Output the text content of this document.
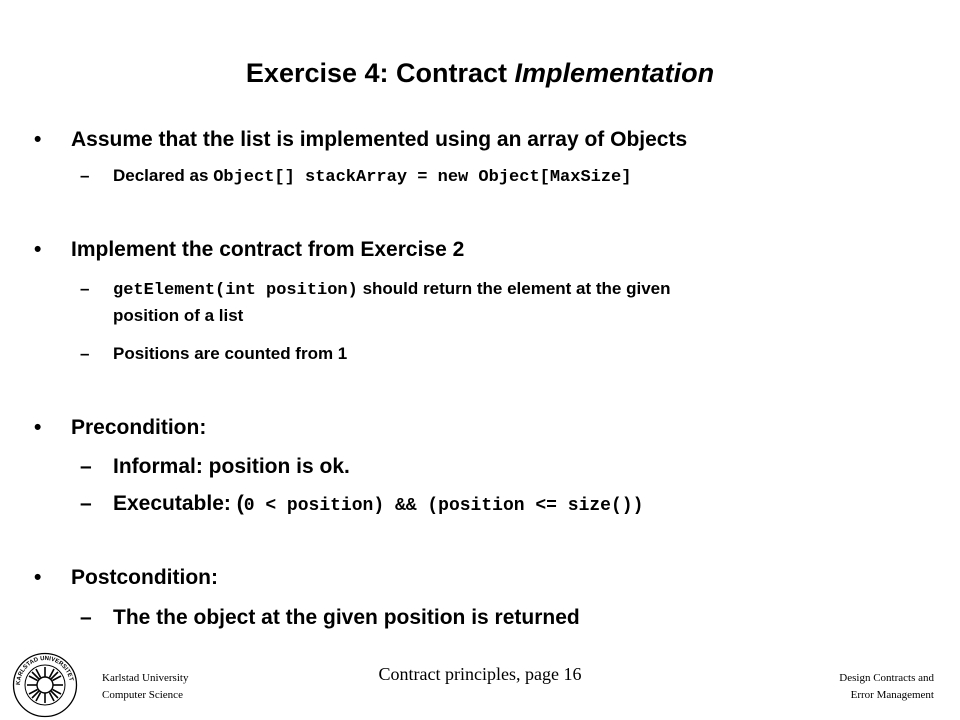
Exercise 4: Contract Implementation
• Assume that the list is implemented using an array of Objects
– Declared as Object[] stackArray = new Object[MaxSize]
• Implement the contract from Exercise 2
– getElement(int position) should return the element at the given
position of a list
– Positions are counted from 1
• Precondition:
– Informal: position is ok.
– Executable: (0 < position) && (position <= size())
• Postcondition:
– The the object at the given position is returned
KARLSTAD UNIVERSITET	Karlstad University
Computer Science
Contract principles, page 16	Design Contracts and
Error Management
